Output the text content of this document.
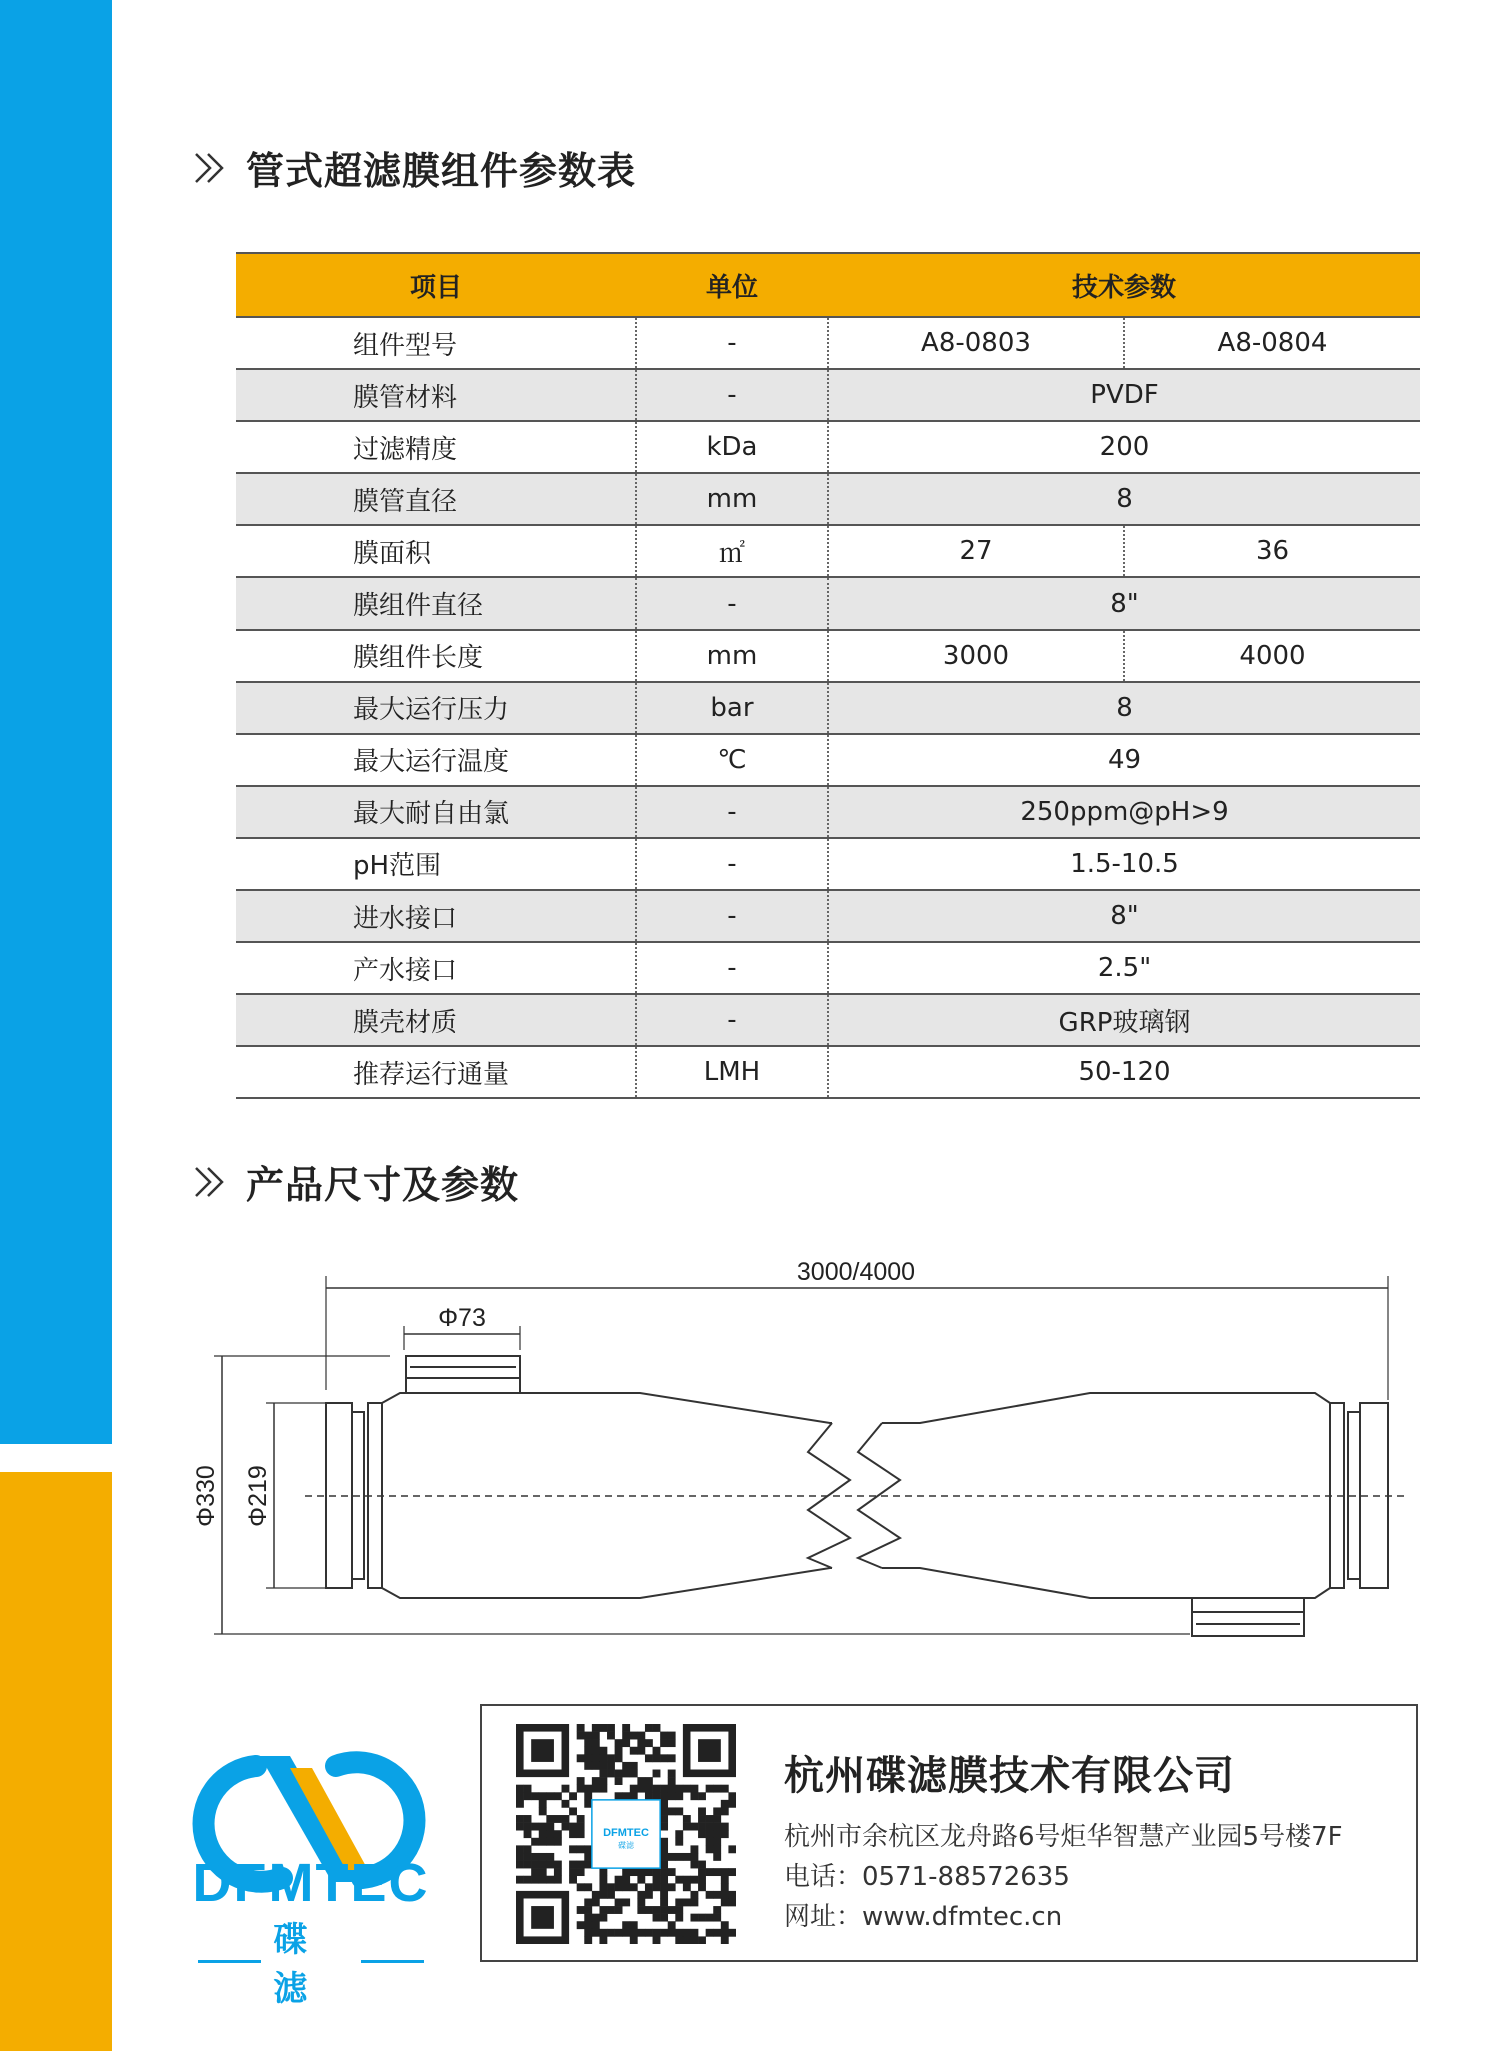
管式超滤膜组件参数表
项目	单位	技术参数	
组件型号	-	A8-0803	A8-0804
膜管材料	-	PVDF	
过滤精度	kDa	200	
膜管直径	mm	8	
膜面积	㎡	27	36
膜组件直径	-	8"	
膜组件长度	mm	3000	4000
最大运行压力	bar	8	
最大运行温度	℃	49	
最大耐自由氯	-	250ppm@pH>9	
pH范围	-	1.5-10.5	
进水接口	-	8"	
产水接口	-	2.5"	
膜壳材质	-	GRP玻璃钢	
推荐运行通量	LMH	50-120	
产品尺寸及参数
3000/4000
Φ73
Φ330 Φ219
DFMTEC
碟滤
DFMTEC
碟滤
杭州碟滤膜技术有限公司
杭州市余杭区龙舟路6号炬华智慧产业园5号楼7F
电话：0571-88572635
网址：www.dfmtec.cn
